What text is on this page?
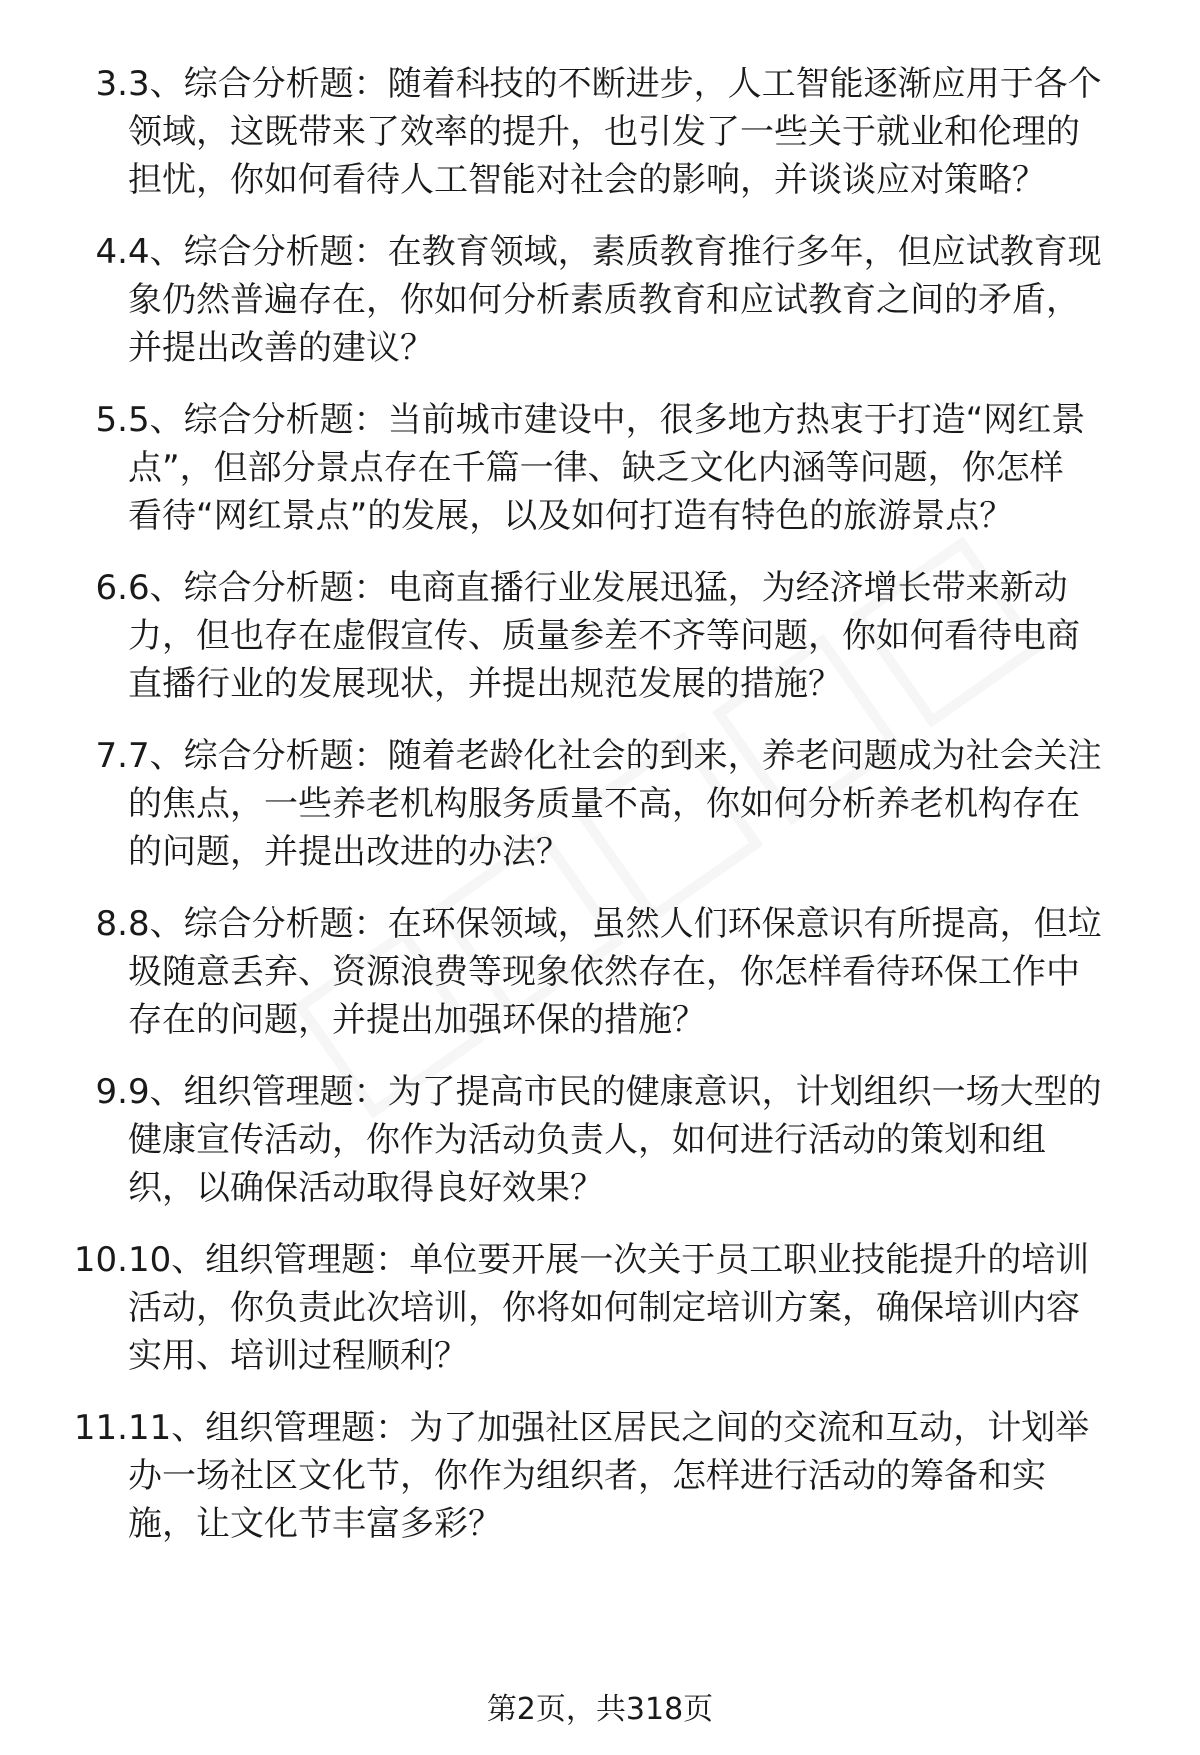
3. 3、综合分析题：随着科技的不断进步，人工智能逐渐应用于各个
领域，这既带来了效率的提升，也引发了一些关于就业和伦理的
担忧，你如何看待人工智能对社会的影响，并谈谈应对策略？
4. 4、综合分析题：在教育领域，素质教育推行多年，但应试教育现
象仍然普遍存在，你如何分析素质教育和应试教育之间的矛盾，
并提出改善的建议？
5. 5、综合分析题：当前城市建设中，很多地方热衷于打造“网红景
点”，但部分景点存在千篇一律、缺乏文化内涵等问题，你怎样
看待“网红景点”的发展，以及如何打造有特色的旅游景点？
6. 6、综合分析题：电商直播行业发展迅猛，为经济增长带来新动
力，但也存在虚假宣传、质量参差不齐等问题，你如何看待电商
直播行业的发展现状，并提出规范发展的措施？
7. 7、综合分析题：随着老龄化社会的到来，养老问题成为社会关注
的焦点，一些养老机构服务质量不高，你如何分析养老机构存在
的问题，并提出改进的办法？
8. 8、综合分析题：在环保领域，虽然人们环保意识有所提高，但垃
圾随意丢弃、资源浪费等现象依然存在，你怎样看待环保工作中
存在的问题，并提出加强环保的措施？
9. 9、组织管理题：为了提高市民的健康意识，计划组织一场大型的
健康宣传活动，你作为活动负责人，如何进行活动的策划和组
织，以确保活动取得良好效果？
10. 10、组织管理题：单位要开展一次关于员工职业技能提升的培训
活动，你负责此次培训，你将如何制定培训方案，确保培训内容
实用、培训过程顺利？
11. 11、组织管理题：为了加强社区居民之间的交流和互动，计划举
办一场社区文化节，你作为组织者，怎样进行活动的筹备和实
施，让文化节丰富多彩？
第2页，共318页
